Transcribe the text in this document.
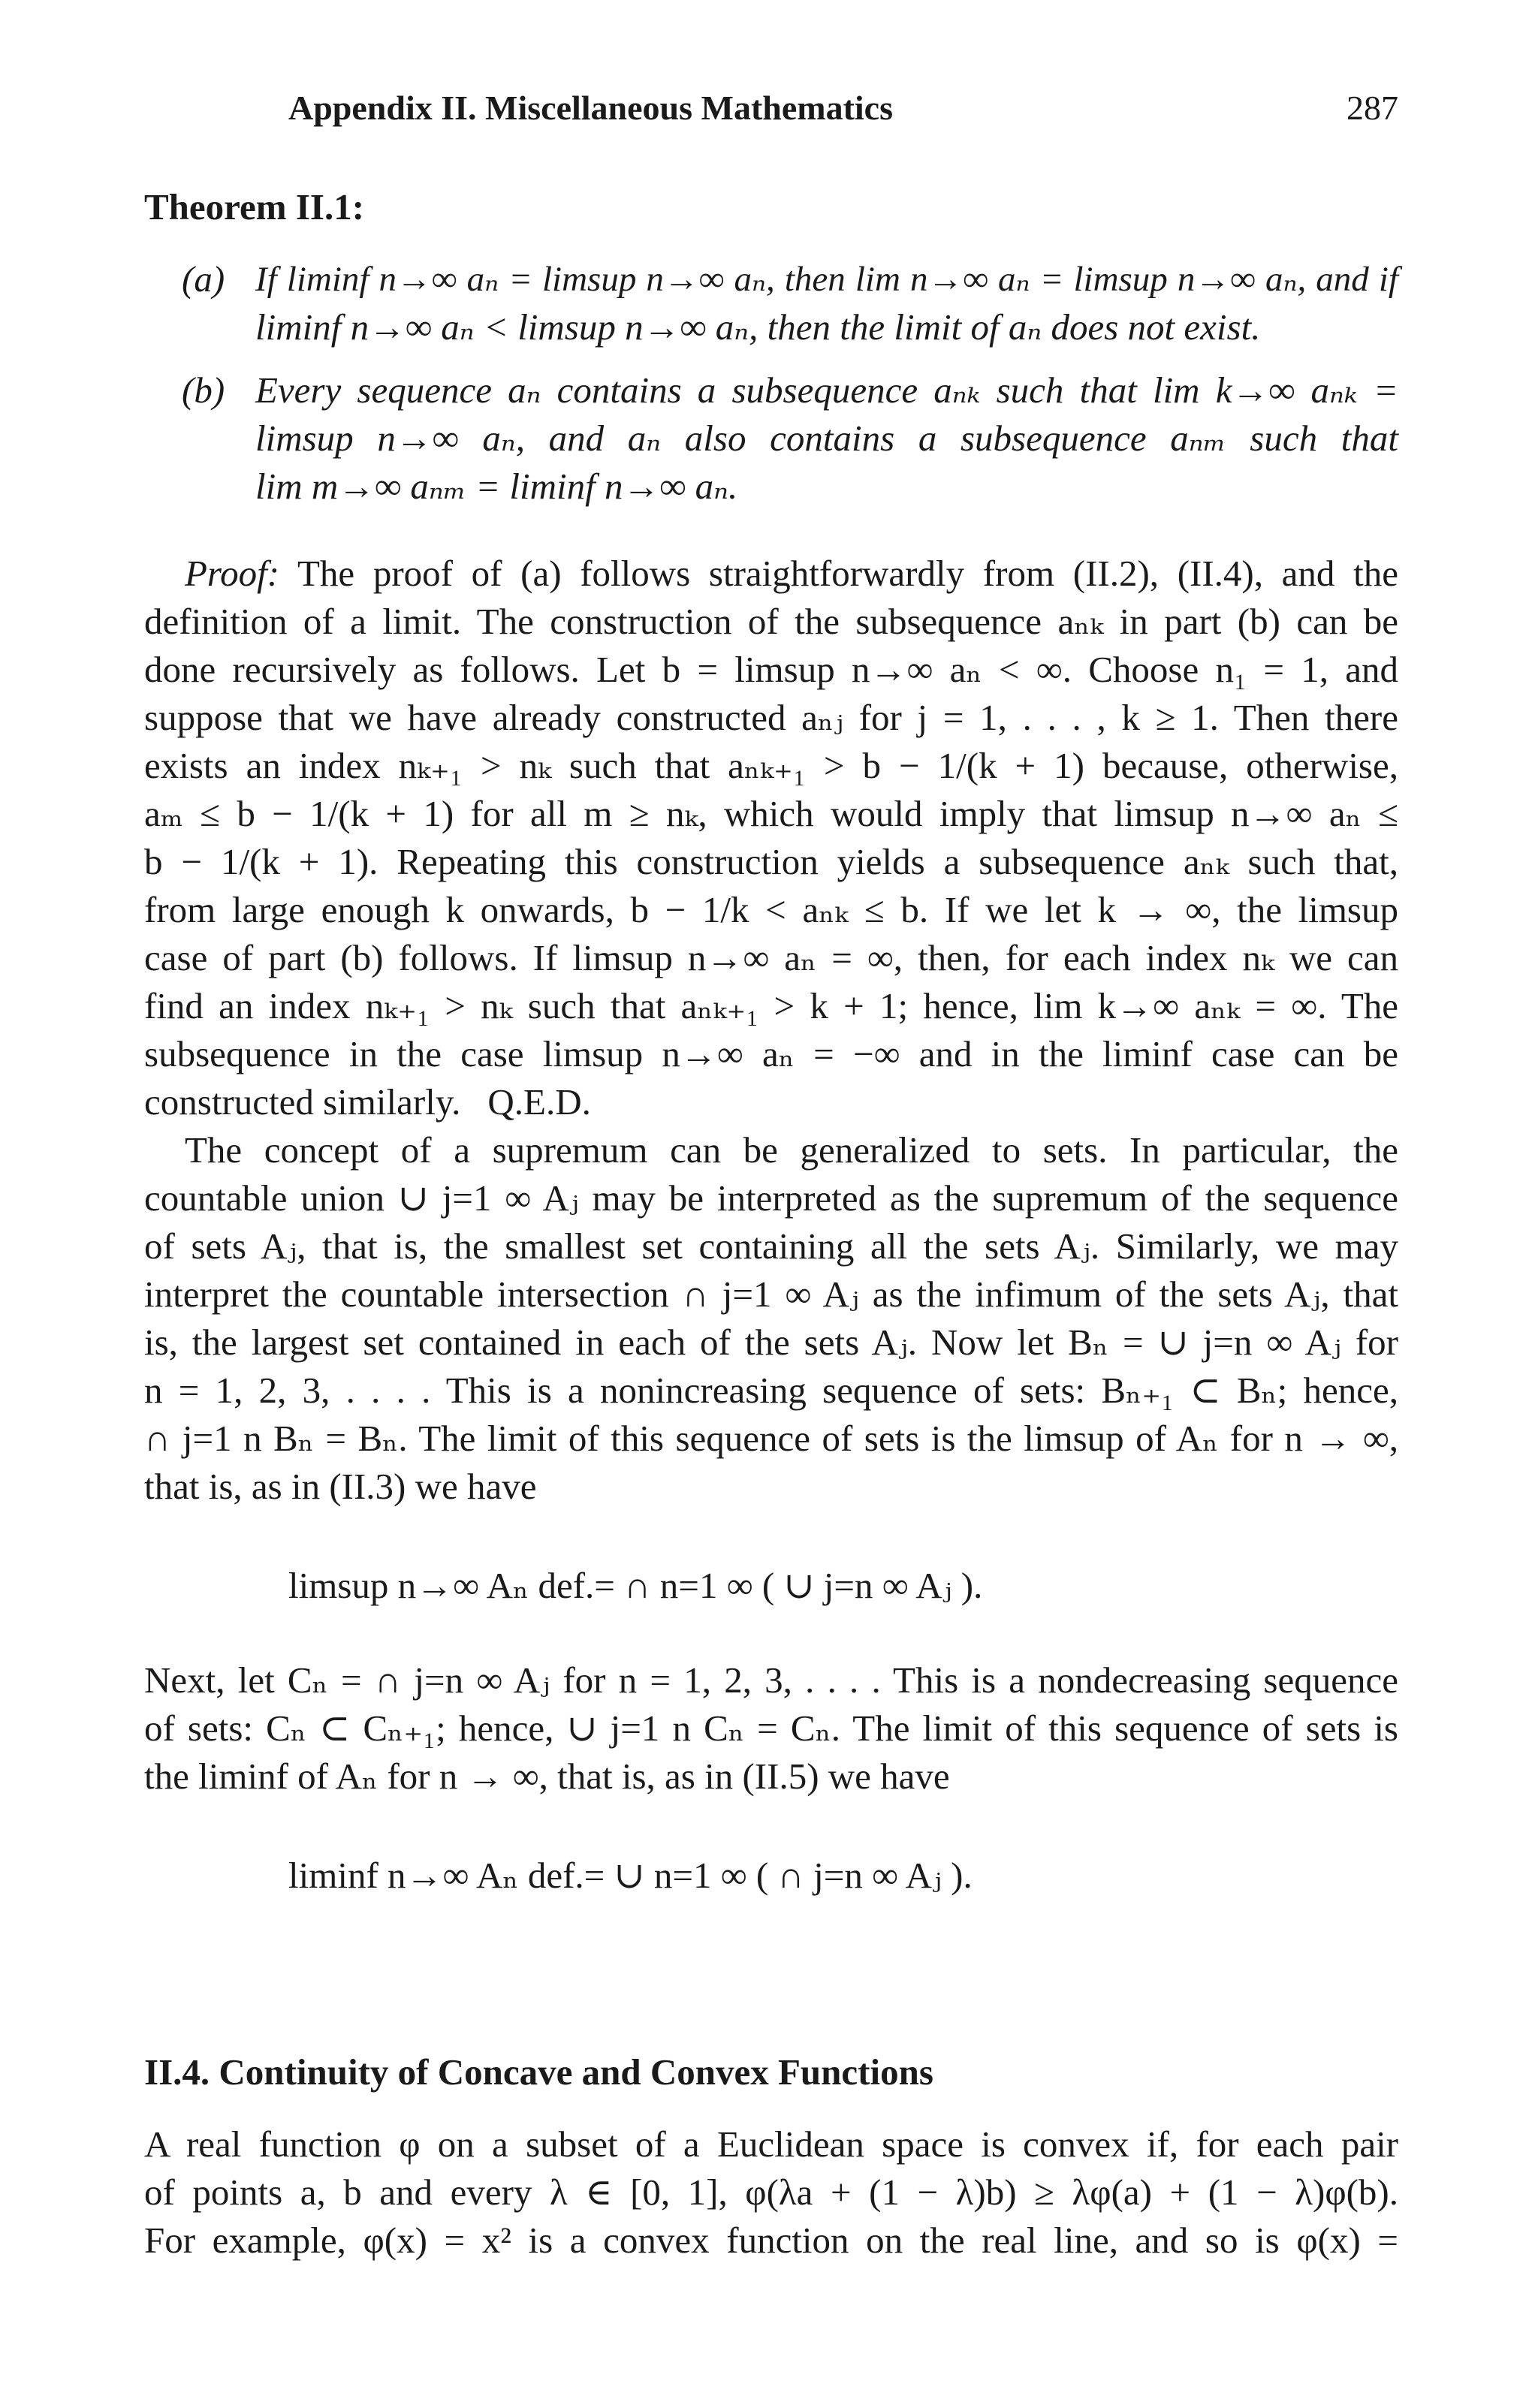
Appendix II. Miscellaneous Mathematics	287
Theorem II.1:
(a) If liminf n→∞ aₙ = limsup n→∞ aₙ, then lim n→∞ aₙ = limsup n→∞ aₙ, and if
liminf n→∞ aₙ < limsup n→∞ aₙ, then the limit of aₙ does not exist.
(b) Every sequence aₙ contains a subsequence aₙₖ such that lim k→∞ aₙₖ =
limsup n→∞ aₙ, and aₙ also contains a subsequence aₙₘ such that
lim m→∞ aₙₘ = liminf n→∞ aₙ.
Proof: The proof of (a) follows straightforwardly from (II.2), (II.4), and the
definition of a limit. The construction of the subsequence aₙₖ in part (b) can be
done recursively as follows. Let b = limsup n→∞ aₙ < ∞. Choose n₁ = 1, and
suppose that we have already constructed aₙⱼ for j = 1, . . . , k ≥ 1. Then there
exists an index nₖ₊₁ > nₖ such that aₙₖ₊₁ > b − 1/(k + 1) because, otherwise,
aₘ ≤ b − 1/(k + 1) for all m ≥ nₖ, which would imply that limsup n→∞ aₙ ≤
b − 1/(k + 1). Repeating this construction yields a subsequence aₙₖ such that,
from large enough k onwards, b − 1/k < aₙₖ ≤ b. If we let k → ∞, the limsup
case of part (b) follows. If limsup n→∞ aₙ = ∞, then, for each index nₖ we can
find an index nₖ₊₁ > nₖ such that aₙₖ₊₁ > k + 1; hence, lim k→∞ aₙₖ = ∞. The
subsequence in the case limsup n→∞ aₙ = −∞ and in the liminf case can be
constructed similarly. Q.E.D.
The concept of a supremum can be generalized to sets. In particular, the
countable union ∪ j=1 ∞ Aⱼ may be interpreted as the supremum of the sequence
of sets Aⱼ, that is, the smallest set containing all the sets Aⱼ. Similarly, we may
interpret the countable intersection ∩ j=1 ∞ Aⱼ as the infimum of the sets Aⱼ, that
is, the largest set contained in each of the sets Aⱼ. Now let Bₙ = ∪ j=n ∞ Aⱼ for
n = 1, 2, 3, . . . . This is a nonincreasing sequence of sets: Bₙ₊₁ ⊂ Bₙ; hence,
∩ j=1 n Bₙ = Bₙ. The limit of this sequence of sets is the limsup of Aₙ for n → ∞,
that is, as in (II.3) we have
limsup n→∞ Aₙ def.= ∩ n=1 ∞ ( ∪ j=n ∞ Aⱼ ).
Next, let Cₙ = ∩ j=n ∞ Aⱼ for n = 1, 2, 3, . . . . This is a nondecreasing sequence
of sets: Cₙ ⊂ Cₙ₊₁; hence, ∪ j=1 n Cₙ = Cₙ. The limit of this sequence of sets is
the liminf of Aₙ for n → ∞, that is, as in (II.5) we have
liminf n→∞ Aₙ def.= ∪ n=1 ∞ ( ∩ j=n ∞ Aⱼ ).
II.4. Continuity of Concave and Convex Functions
A real function φ on a subset of a Euclidean space is convex if, for each pair
of points a, b and every λ ∈ [0, 1], φ(λa + (1 − λ)b) ≥ λφ(a) + (1 − λ)φ(b).
For example, φ(x) = x² is a convex function on the real line, and so is φ(x) =
